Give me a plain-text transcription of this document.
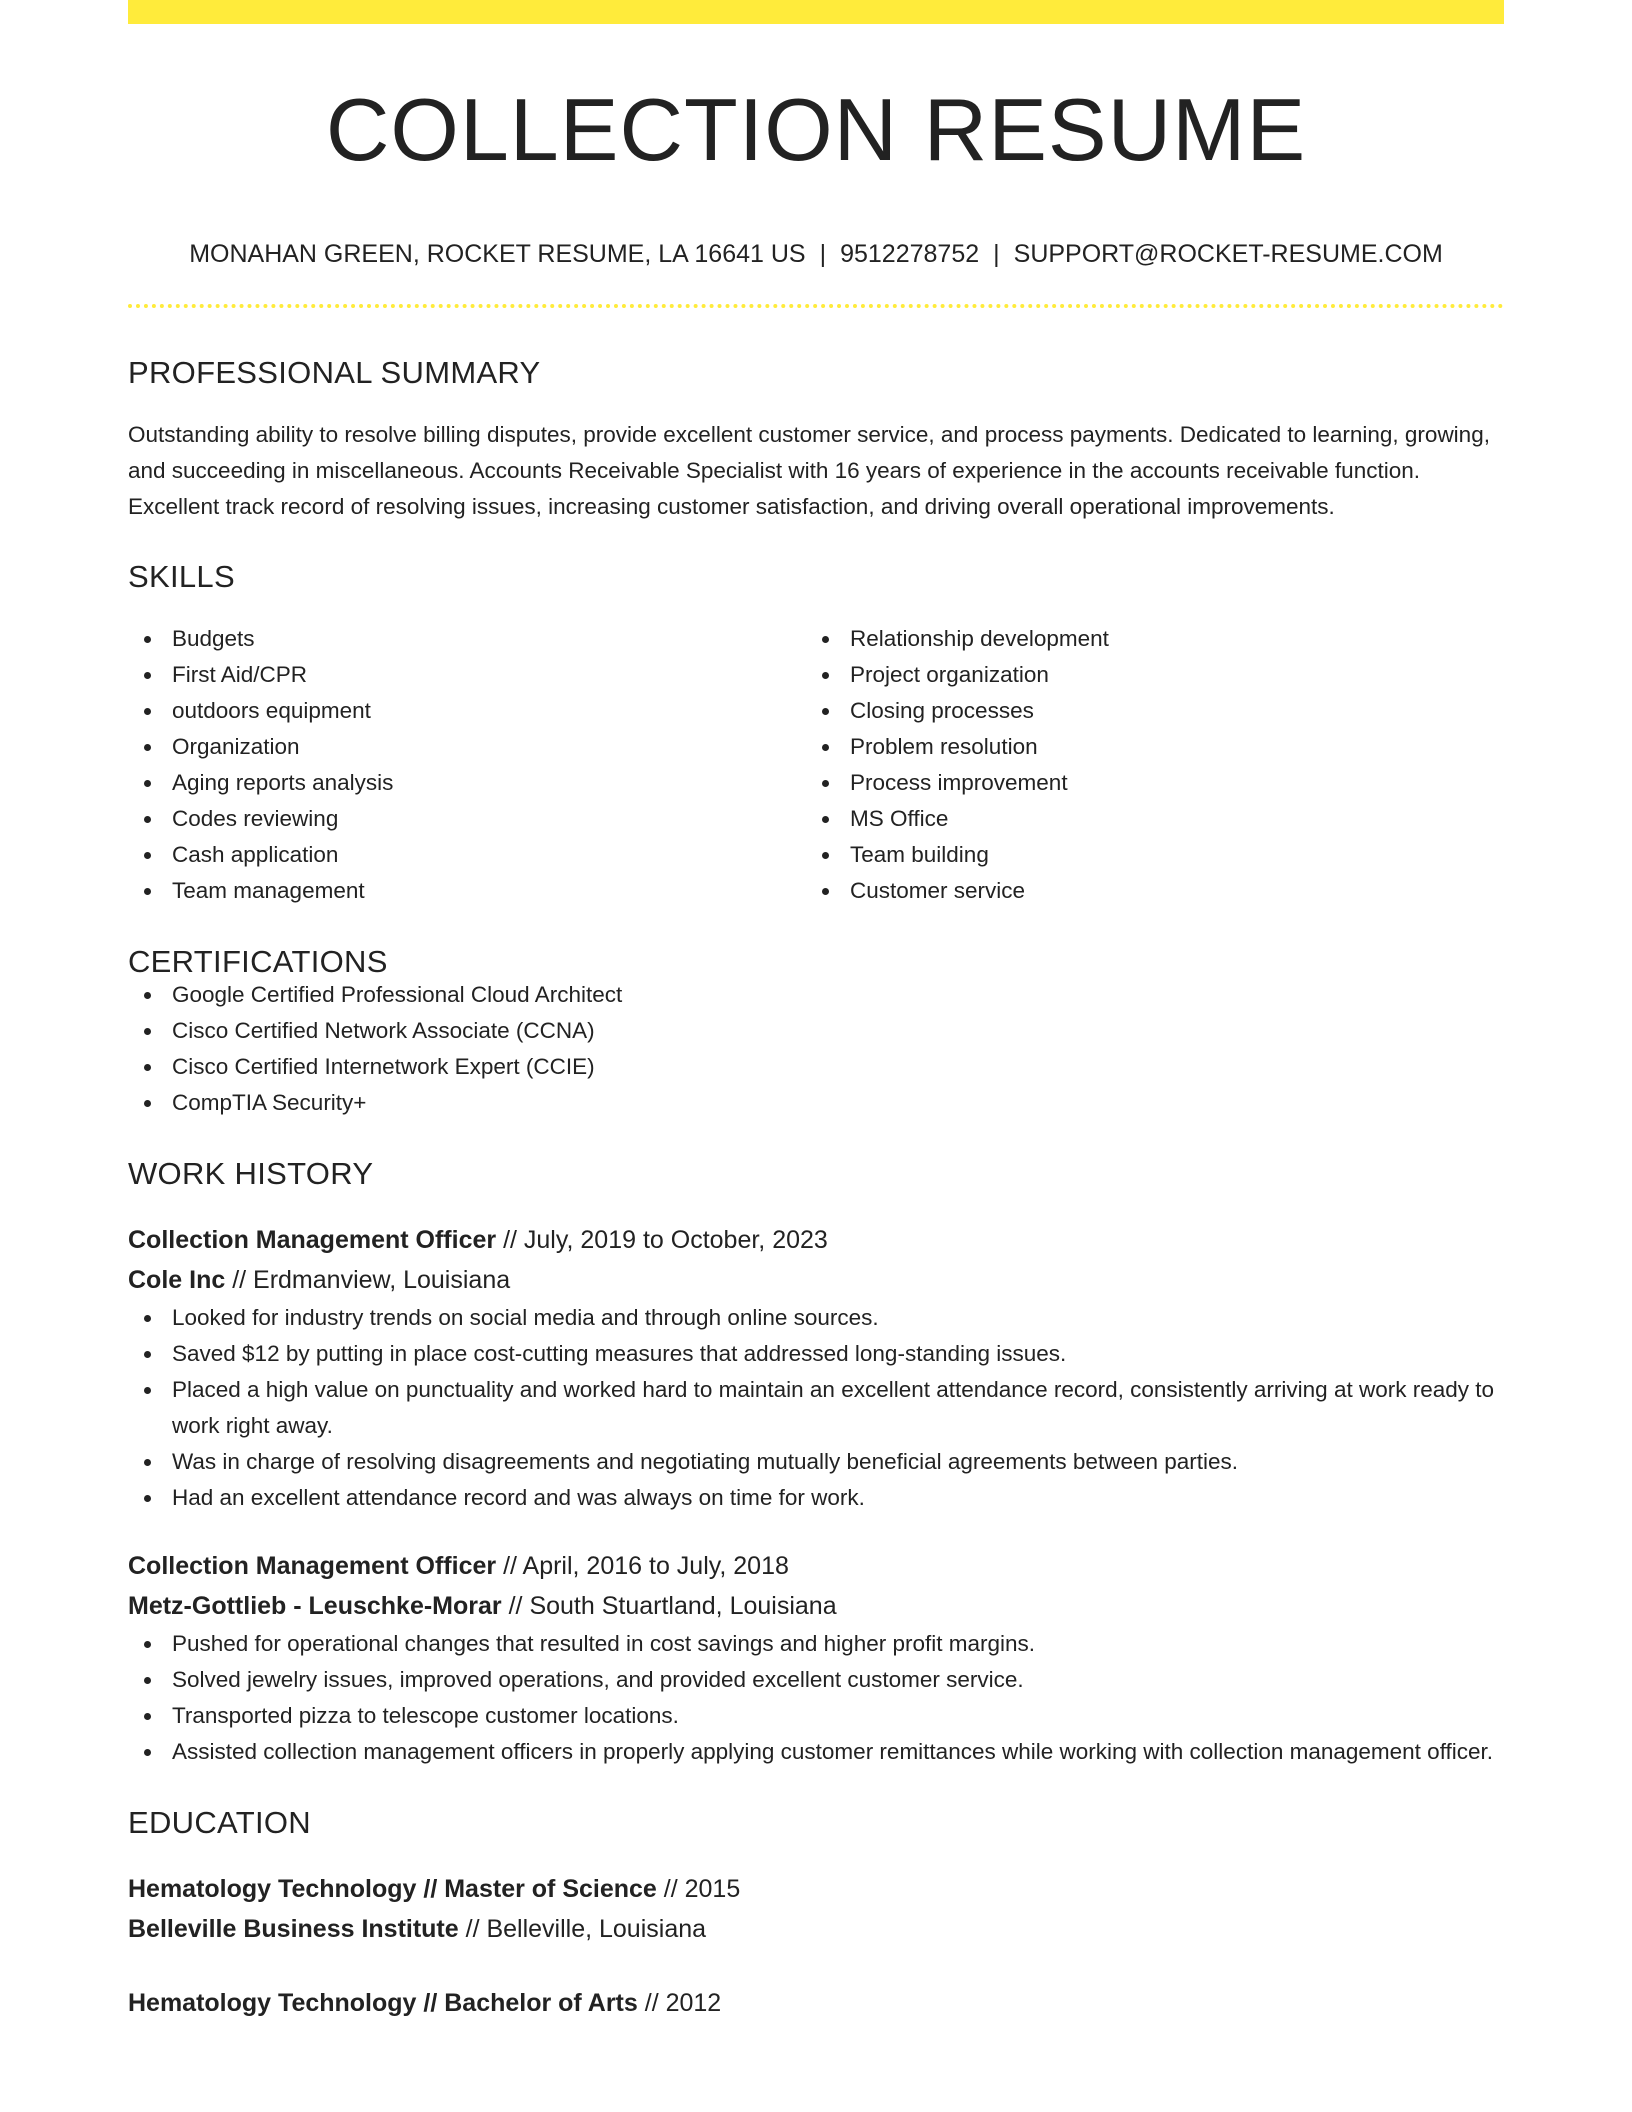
COLLECTION RESUME
MONAHAN GREEN, ROCKET RESUME, LA 16641 US | 9512278752 | SUPPORT@ROCKET-RESUME.COM
PROFESSIONAL SUMMARY

Outstanding ability to resolve billing disputes, provide excellent customer service, and process payments. Dedicated to learning, growing, and succeeding in miscellaneous. Accounts Receivable Specialist with 16 years of experience in the accounts receivable function. Excellent track record of resolving issues, increasing customer satisfaction, and driving overall operational improvements.

SKILLS
Budgets
First Aid/CPR
outdoors equipment
Organization
Aging reports analysis
Codes reviewing
Cash application
Team management
Relationship development
Project organization
Closing processes
Problem resolution
Process improvement
MS Office
Team building
Customer service
CERTIFICATIONS
Google Certified Professional Cloud Architect
Cisco Certified Network Associate (CCNA)
Cisco Certified Internetwork Expert (CCIE)
CompTIA Security+
WORK HISTORY
Collection Management Officer // July, 2019 to October, 2023
Cole Inc // Erdmanview, Louisiana
Looked for industry trends on social media and through online sources.
Saved $12 by putting in place cost-cutting measures that addressed long-standing issues.
Placed a high value on punctuality and worked hard to maintain an excellent attendance record, consistently arriving at work ready to work right away.
Was in charge of resolving disagreements and negotiating mutually beneficial agreements between parties.
Had an excellent attendance record and was always on time for work.
Collection Management Officer // April, 2016 to July, 2018
Metz-Gottlieb - Leuschke-Morar // South Stuartland, Louisiana
Pushed for operational changes that resulted in cost savings and higher profit margins.
Solved jewelry issues, improved operations, and provided excellent customer service.
Transported pizza to telescope customer locations.
Assisted collection management officers in properly applying customer remittances while working with collection management officer.
EDUCATION
Hematology Technology // Master of Science // 2015
Belleville Business Institute // Belleville, Louisiana
Hematology Technology // Bachelor of Arts // 2012
